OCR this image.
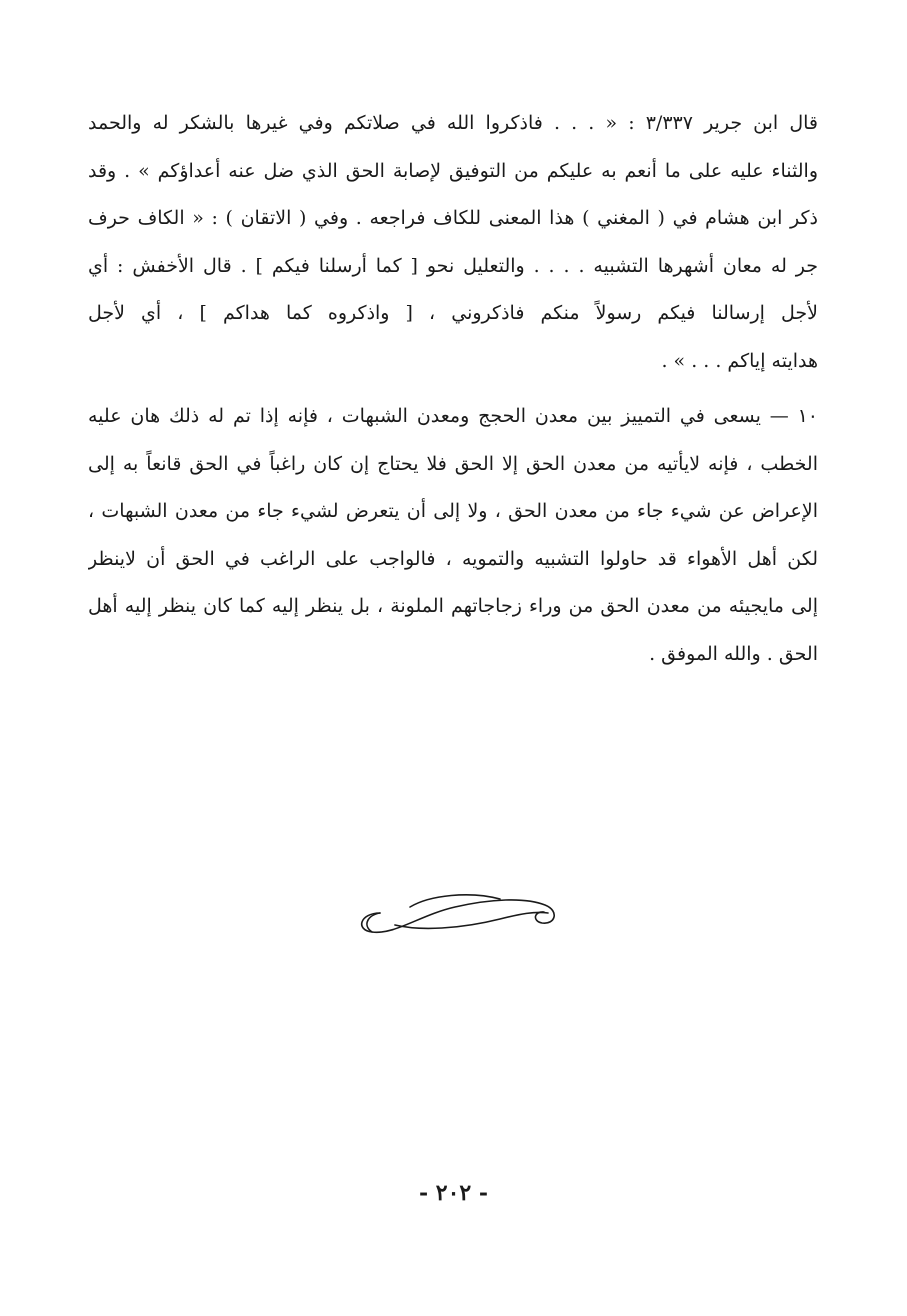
قال ابن جرير ٣/٣٣٧ : « . . . فاذكروا الله في صلاتكم وفي غيرها بالشكر له والحمد
والثناء عليه على ما أنعم به عليكم من التوفيق لإصابة الحق الذي ضل عنه أعداؤكم » . وقد
ذكر ابن هشام في ( المغني ) هذا المعنى للكاف فراجعه . وفي ( الاتقان ) : « الكاف حرف
جر له معان أشهرها التشبيه . . . . والتعليل نحو [ كما أرسلنا فيكم ] . قال الأخفش : أي
لأجل إرسالنا فيكم رسولاً منكم فاذكروني ، [ واذكروه كما هداكم ] ، أي لأجل
هدايته إياكم . . . » .
١٠ — يسعى في التمييز بين معدن الحجج ومعدن الشبهات ، فإنه إذا تم له ذلك هان عليه
الخطب ، فإنه لايأتيه من معدن الحق إلا الحق فلا يحتاج إن كان راغباً في الحق قانعاً به إلى
الإعراض عن شيء جاء من معدن الحق ، ولا إلى أن يتعرض لشيء جاء من معدن الشبهات ،
لكن أهل الأهواء قد حاولوا التشبيه والتمويه ، فالواجب على الراغب في الحق أن لاينظر
إلى مايجيئه من معدن الحق من وراء زجاجاتهم الملونة ، بل ينظر إليه كما كان ينظر إليه أهل
الحق . والله الموفق .
- ٢٠٢ -
